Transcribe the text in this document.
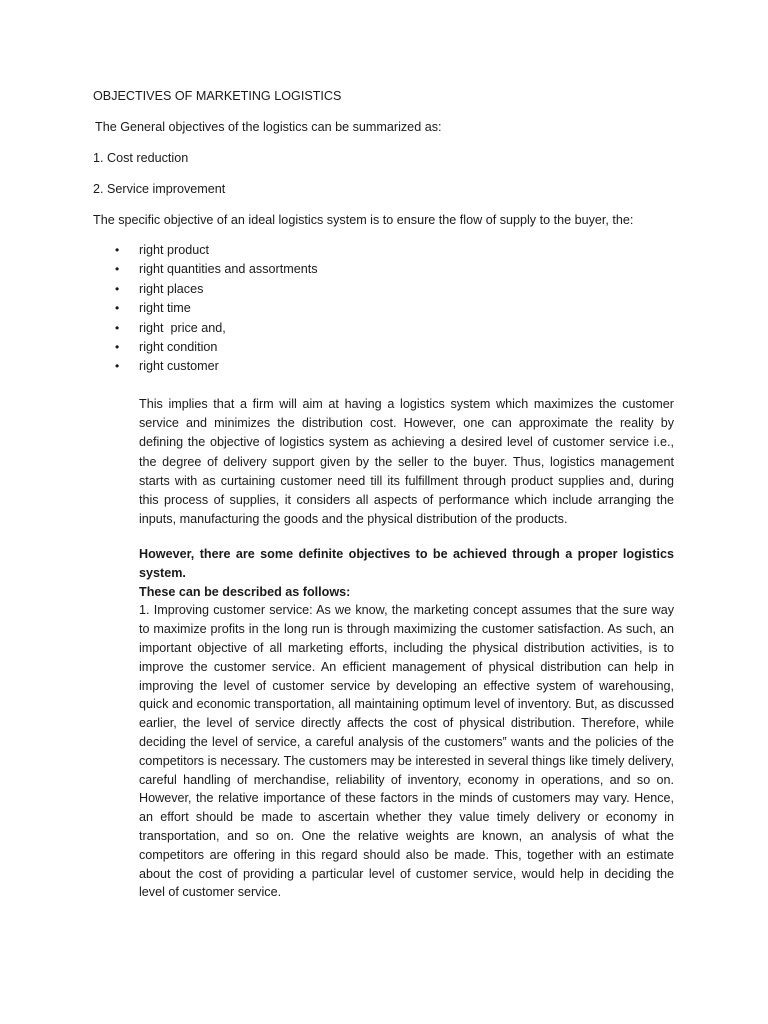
OBJECTIVES OF MARKETING LOGISTICS
The General objectives of the logistics can be summarized as:
1. Cost reduction
2. Service improvement
The specific objective of an ideal logistics system is to ensure the flow of supply to the buyer, the:
• right product
• right quantities and assortments
• right places
• right time
• right  price and,
• right condition
• right customer

This implies that a firm will aim at having a logistics system which maximizes the customer service and minimizes the distribution cost. However, one can approximate the reality by defining the objective of logistics system as achieving a desired level of customer service i.e., the degree of delivery support given by the seller to the buyer. Thus, logistics management starts with as curtaining customer need till its fulfillment through product supplies and, during this process of supplies, it considers all aspects of performance which include arranging the inputs, manufacturing the goods and the physical distribution of the products.

However, there are some definite objectives to be achieved through a proper logistics system.

These can be described as follows:

1. Improving customer service: As we know, the marketing concept assumes that the sure way to maximize profits in the long run is through maximizing the customer satisfaction. As such, an important objective of all marketing efforts, including the physical distribution activities, is to improve the customer service. An efficient management of physical distribution can help in improving the level of customer service by developing an effective system of warehousing, quick and economic transportation, all maintaining optimum level of inventory. But, as discussed earlier, the level of service directly affects the cost of physical distribution. Therefore, while deciding the level of service, a careful analysis of the customers‟ wants and the policies of the competitors is necessary. The customers may be interested in several things like timely delivery, careful handling of merchandise, reliability of inventory, economy in operations, and so on. However, the relative importance of these factors in the minds of customers may vary. Hence, an effort should be made to ascertain whether they value timely delivery or economy in transportation, and so on. One the relative weights are known, an analysis of what the competitors are offering in this regard should also be made. This, together with an estimate about the cost of providing a particular level of customer service, would help in deciding the level of customer service.
